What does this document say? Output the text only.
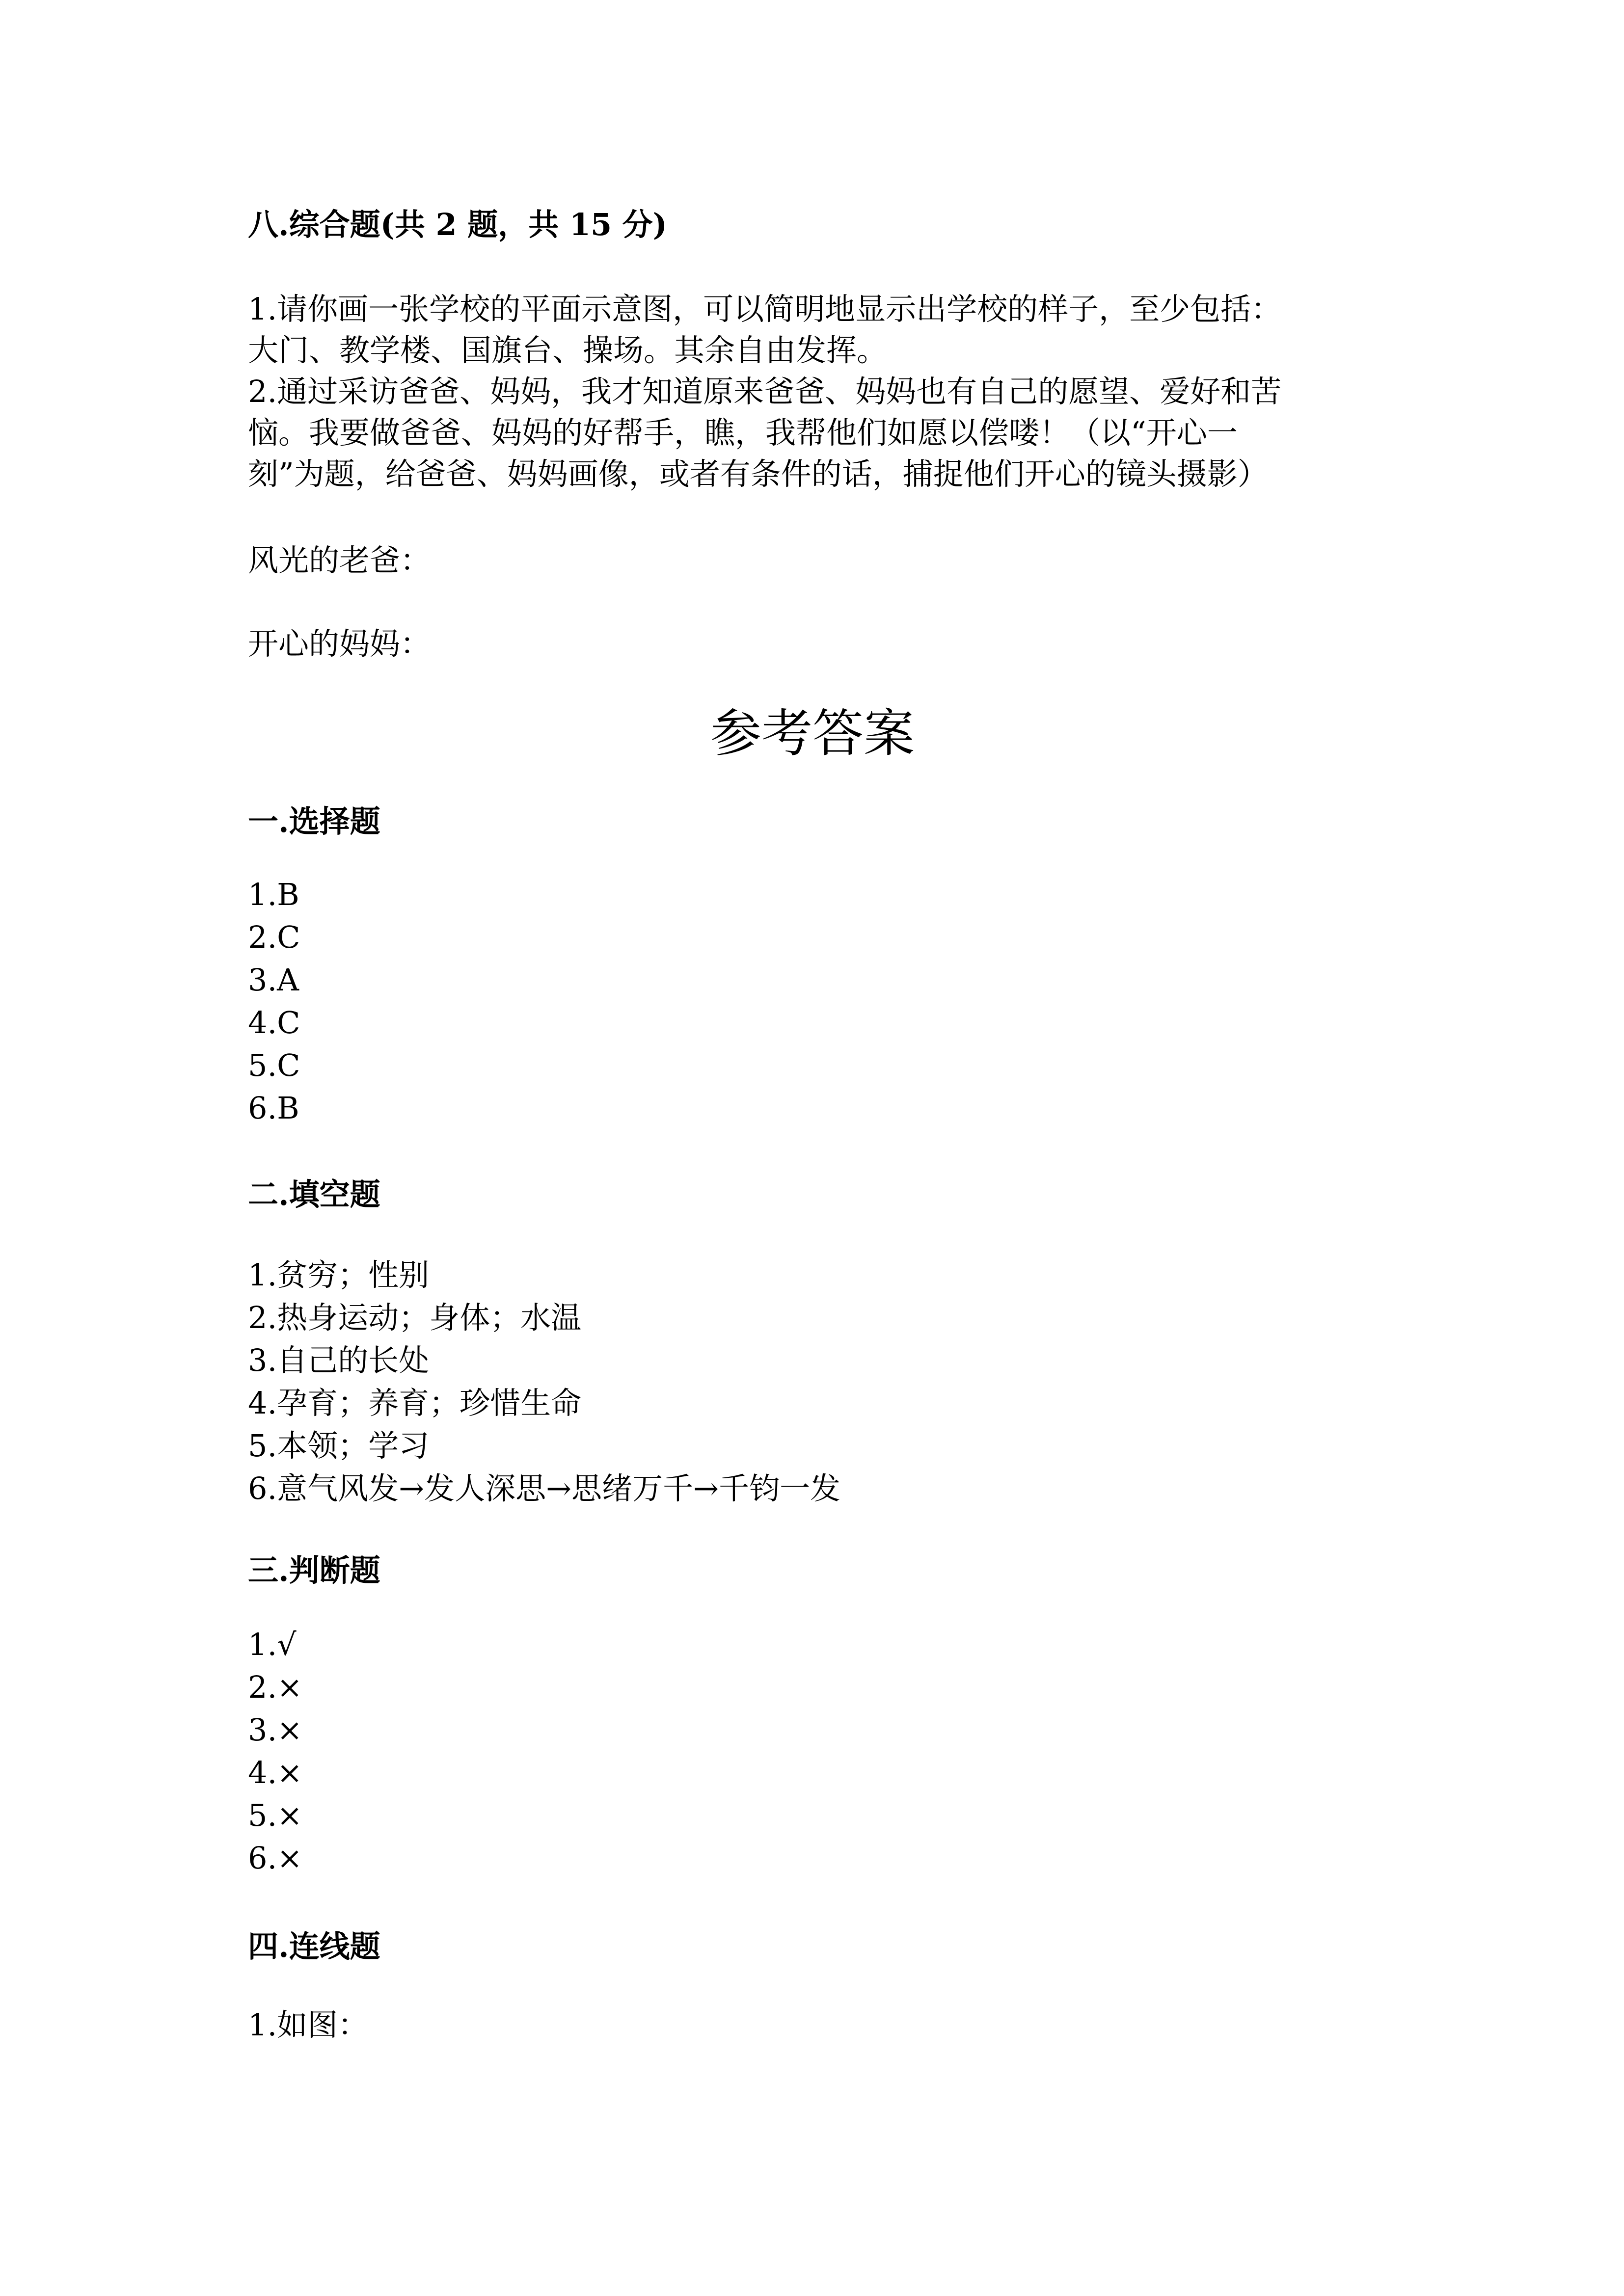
八.综合题(共 2 题，共 15 分)
1.请你画一张学校的平面示意图，可以简明地显示出学校的样子，至少包括：
大门、教学楼、国旗台、操场。其余自由发挥。
2.通过采访爸爸、妈妈，我才知道原来爸爸、妈妈也有自己的愿望、爱好和苦
恼。我要做爸爸、妈妈的好帮手，瞧，我帮他们如愿以偿喽！（以“开心一
刻”为题，给爸爸、妈妈画像，或者有条件的话，捕捉他们开心的镜头摄影）
风光的老爸：
开心的妈妈：
参考答案
一.选择题
1.B
2.C
3.A
4.C
5.C
6.B
二.填空题
1.贫穷；性别
2.热身运动；身体；水温
3.自己的长处
4.孕育；养育；珍惜生命
5.本领；学习
6.意气风发→发人深思→思绪万千→千钧一发
三.判断题
1.√
2.×
3.×
4.×
5.×
6.×
四.连线题
1.如图：
